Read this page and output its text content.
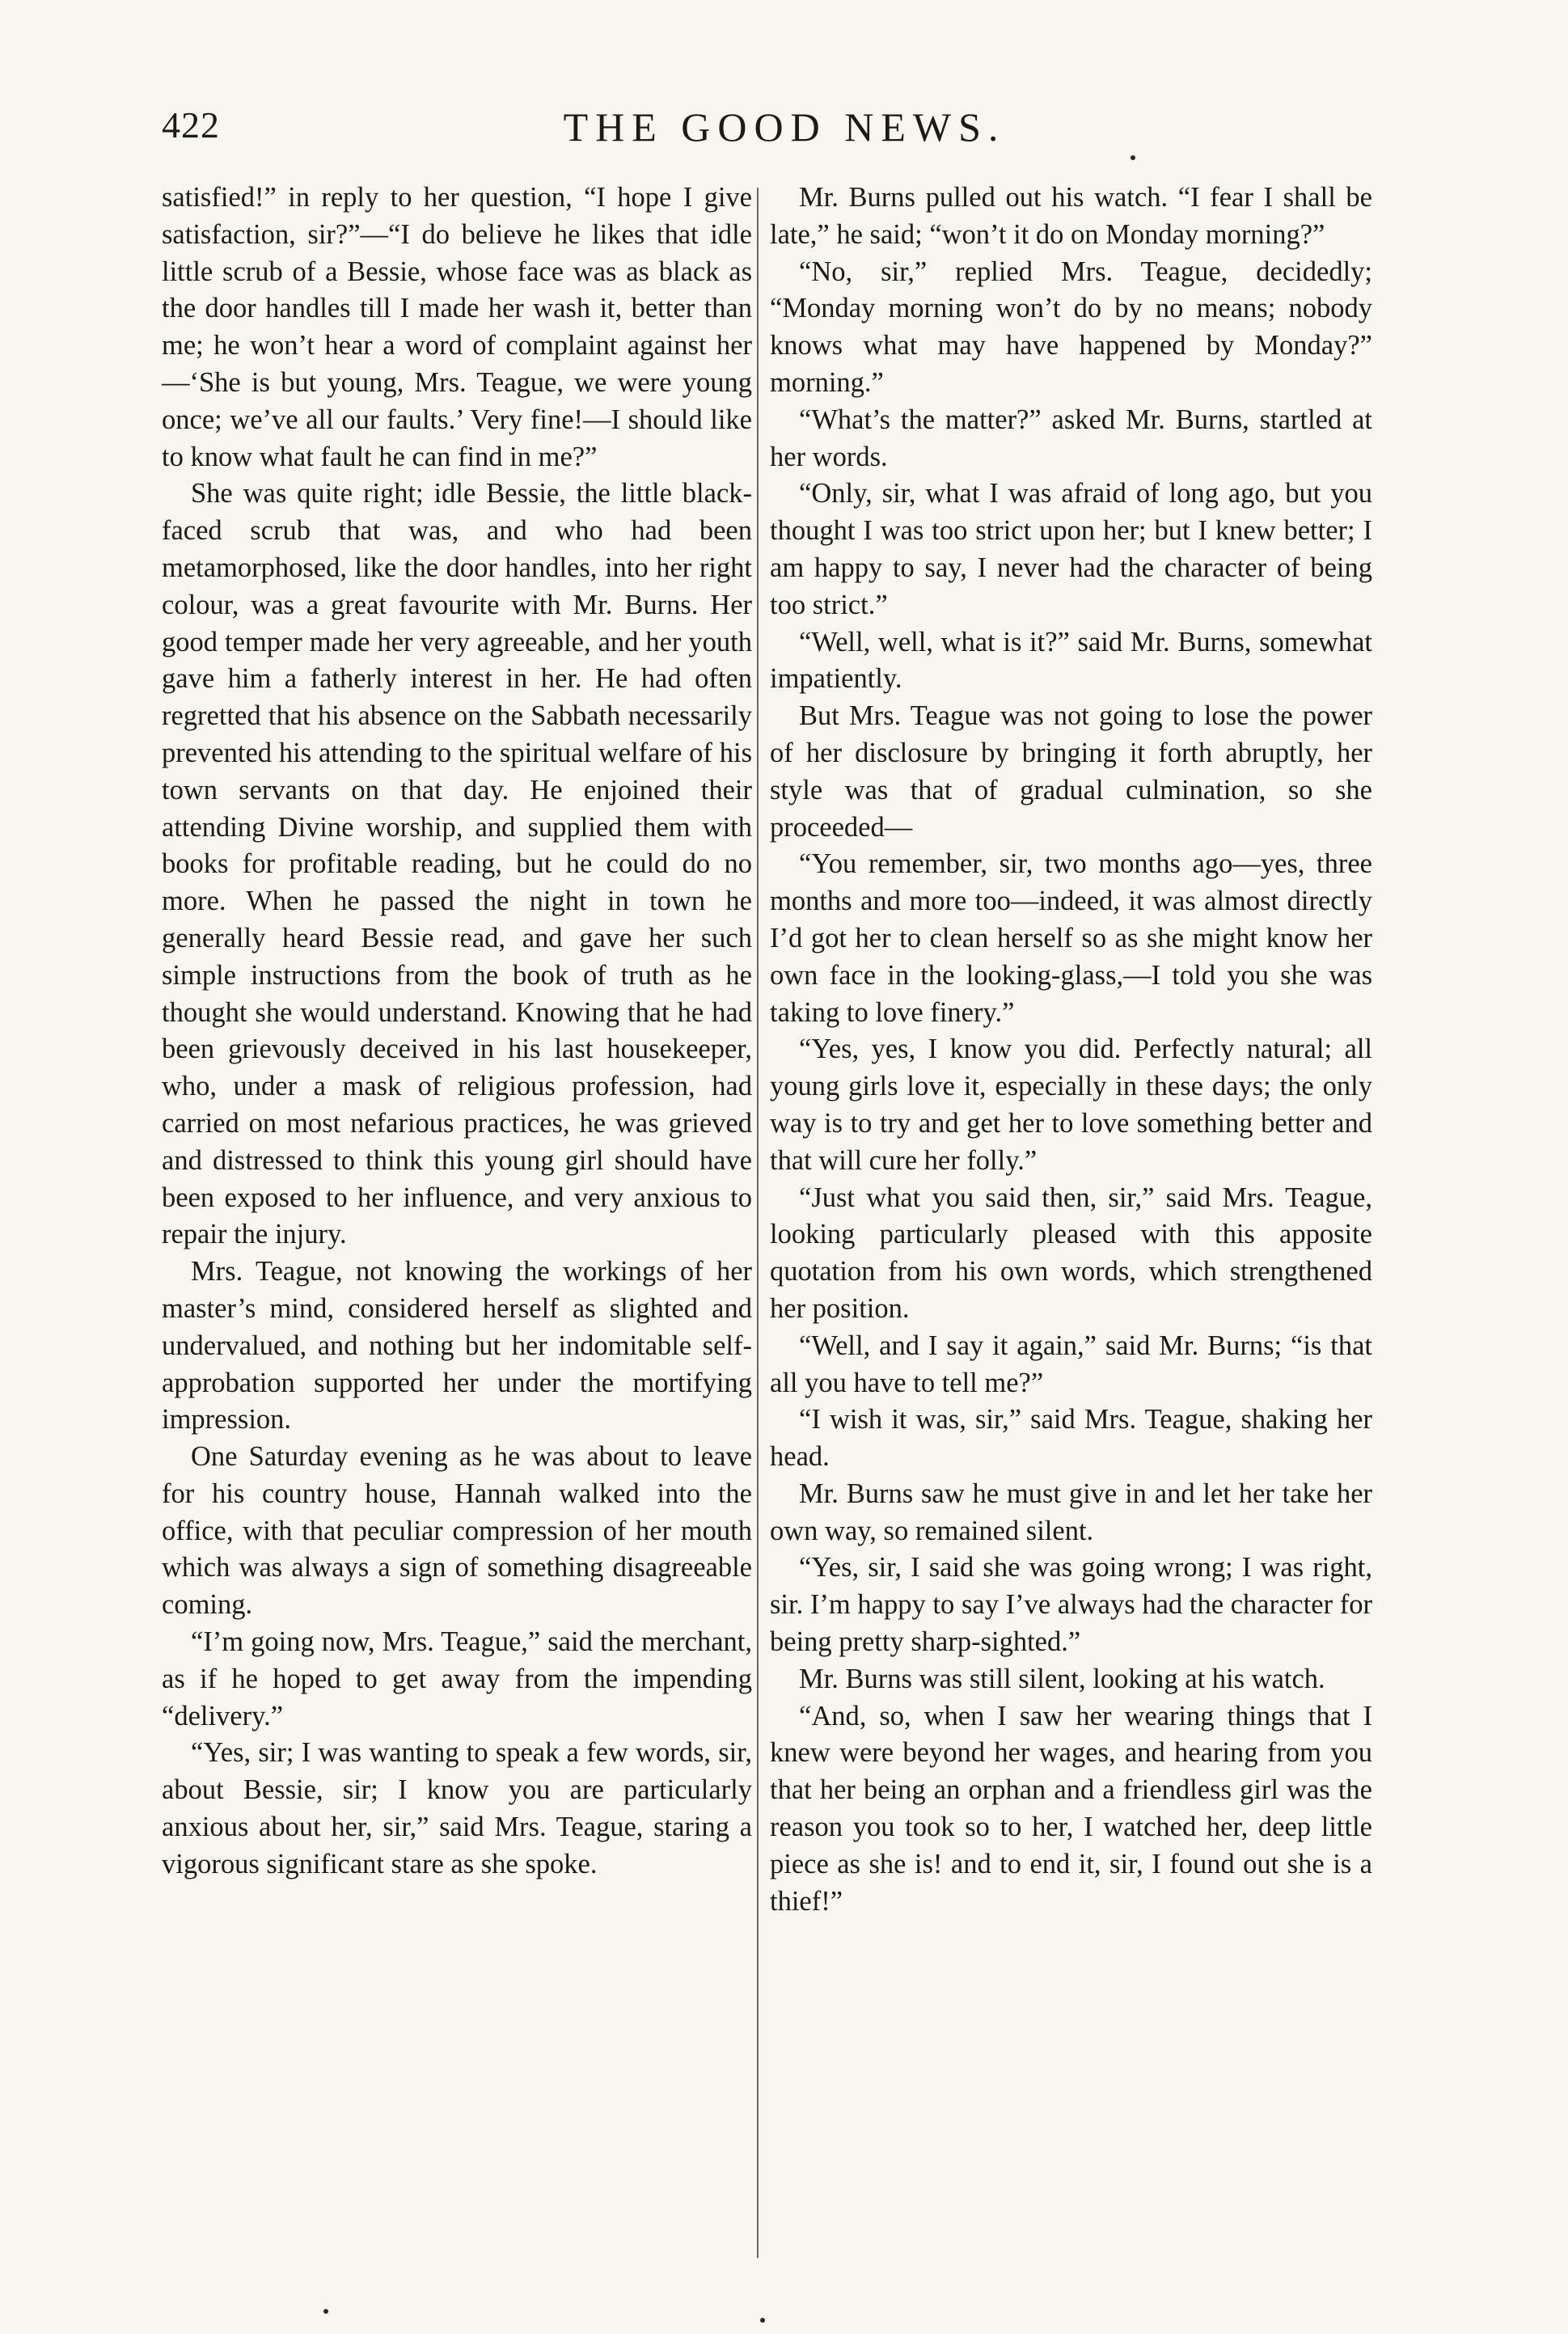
422	THE GOOD NEWS.

satisfied!” in reply to her question, “I hope I give satisfaction, sir?”—“I do believe he likes that idle little scrub of a Bessie, whose face was as black as the door handles till I made her wash it, better than me; he won’t hear a word of complaint against her—‘She is but young, Mrs. Teague, we were young once; we’ve all our faults.’ Very fine!—I should like to know what fault he can find in me?”

She was quite right; idle Bessie, the little black-faced scrub that was, and who had been metamorphosed, like the door handles, into her right colour, was a great favourite with Mr. Burns. Her good temper made her very agreeable, and her youth gave him a fatherly interest in her. He had often regretted that his absence on the Sabbath necessarily prevented his attending to the spiritual welfare of his town servants on that day. He enjoined their attending Divine worship, and supplied them with books for profitable reading, but he could do no more. When he passed the night in town he generally heard Bessie read, and gave her such simple instructions from the book of truth as he thought she would understand. Knowing that he had been grievously deceived in his last housekeeper, who, under a mask of religious profession, had carried on most nefarious practices, he was grieved and distressed to think this young girl should have been exposed to her influence, and very anxious to repair the injury.

Mrs. Teague, not knowing the workings of her master’s mind, considered herself as slighted and undervalued, and nothing but her indomitable self-approbation supported her under the mortifying impression.

One Saturday evening as he was about to leave for his country house, Hannah walked into the office, with that peculiar compression of her mouth which was always a sign of something disagreeable coming.

“I’m going now, Mrs. Teague,” said the merchant, as if he hoped to get away from the impending “delivery.”

“Yes, sir; I was wanting to speak a few words, sir, about Bessie, sir; I know you are particularly anxious about her, sir,” said Mrs. Teague, staring a vigorous significant stare as she spoke.

Mr. Burns pulled out his watch. “I fear I shall be late,” he said; “won’t it do on Monday morning?”

“No, sir,” replied Mrs. Teague, decidedly; “Monday morning won’t do by no means; nobody knows what may have happened by Monday?” morning.”

“What’s the matter?” asked Mr. Burns, startled at her words.

“Only, sir, what I was afraid of long ago, but you thought I was too strict upon her; but I knew better; I am happy to say, I never had the character of being too strict.”

“Well, well, what is it?” said Mr. Burns, somewhat impatiently.

But Mrs. Teague was not going to lose the power of her disclosure by bringing it forth abruptly, her style was that of gradual culmination, so she proceeded—

“You remember, sir, two months ago—yes, three months and more too—indeed, it was almost directly I’d got her to clean herself so as she might know her own face in the looking-glass,—I told you she was taking to love finery.”

“Yes, yes, I know you did. Perfectly natural; all young girls love it, especially in these days; the only way is to try and get her to love something better and that will cure her folly.”

“Just what you said then, sir,” said Mrs. Teague, looking particularly pleased with this apposite quotation from his own words, which strengthened her position.

“Well, and I say it again,” said Mr. Burns; “is that all you have to tell me?”

“I wish it was, sir,” said Mrs. Teague, shaking her head.

Mr. Burns saw he must give in and let her take her own way, so remained silent.

“Yes, sir, I said she was going wrong; I was right, sir. I’m happy to say I’ve always had the character for being pretty sharp-sighted.”

Mr. Burns was still silent, looking at his watch.

“And, so, when I saw her wearing things that I knew were beyond her wages, and hearing from you that her being an orphan and a friendless girl was the reason you took so to her, I watched her, deep little piece as she is! and to end it, sir, I found out she is a thief!”
